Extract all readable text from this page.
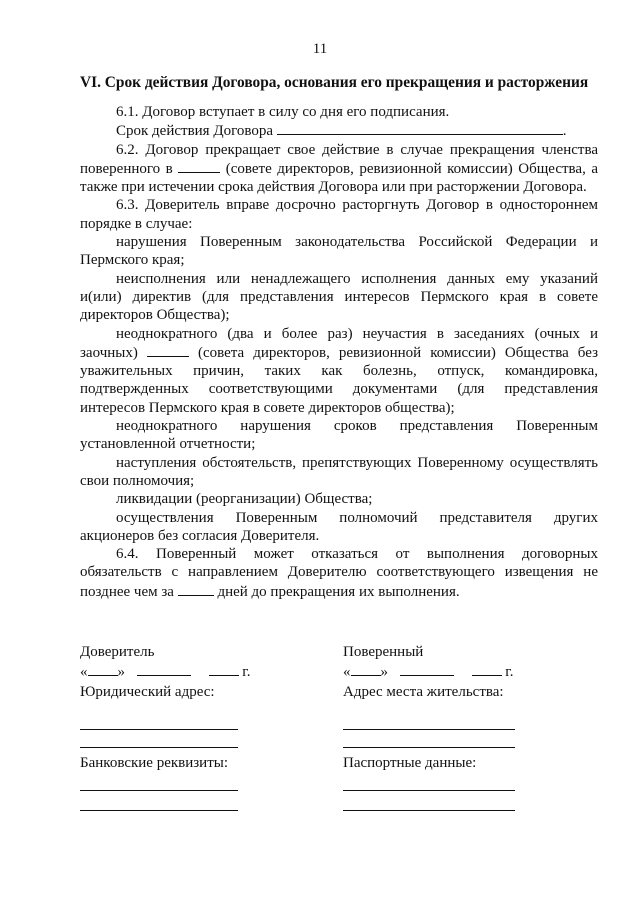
11
VI. Срок действия Договора, основания его прекращения и расторжения

6.1. Договор вступает в силу со дня его подписания.

Срок действия Договора	.

6.2. Договор прекращает свое действие в случае прекращения членства поверенного в	(совете директоров, ревизионной комиссии) Общества, а также при истечении срока действия Договора или при расторжении Договора.

6.3. Доверитель вправе досрочно расторгнуть Договор в одностороннем порядке в случае:

нарушения Поверенным законодательства Российской Федерации и Пермского края;

неисполнения или ненадлежащего исполнения данных ему указаний и(или) директив (для представления интересов Пермского края в совете директоров Общества);

неоднократного (два и более раз) неучастия в заседаниях (очных и заочных)	(совета директоров, ревизионной комиссии) Общества без уважительных причин, таких как болезнь, отпуск, командировка, подтвержденных соответствующими документами (для представления интересов Пермского края в совете директоров общества);

неоднократного нарушения сроков представления Поверенным установленной отчетности;

наступления обстоятельств, препятствующих Поверенному осуществлять свои полномочия;

ликвидации (реорганизации) Общества;

осуществления Поверенным полномочий представителя других акционеров без согласия Доверителя.

6.4. Поверенный может отказаться от выполнения договорных обязательств с направлением Доверителю соответствующего извещения не позднее чем за	дней до прекращения их выполнения.

Доверитель
« »	г.
Юридический адрес:
Банковские реквизиты:
Поверенный
« »	г.
Адрес места жительства:
Паспортные данные:
